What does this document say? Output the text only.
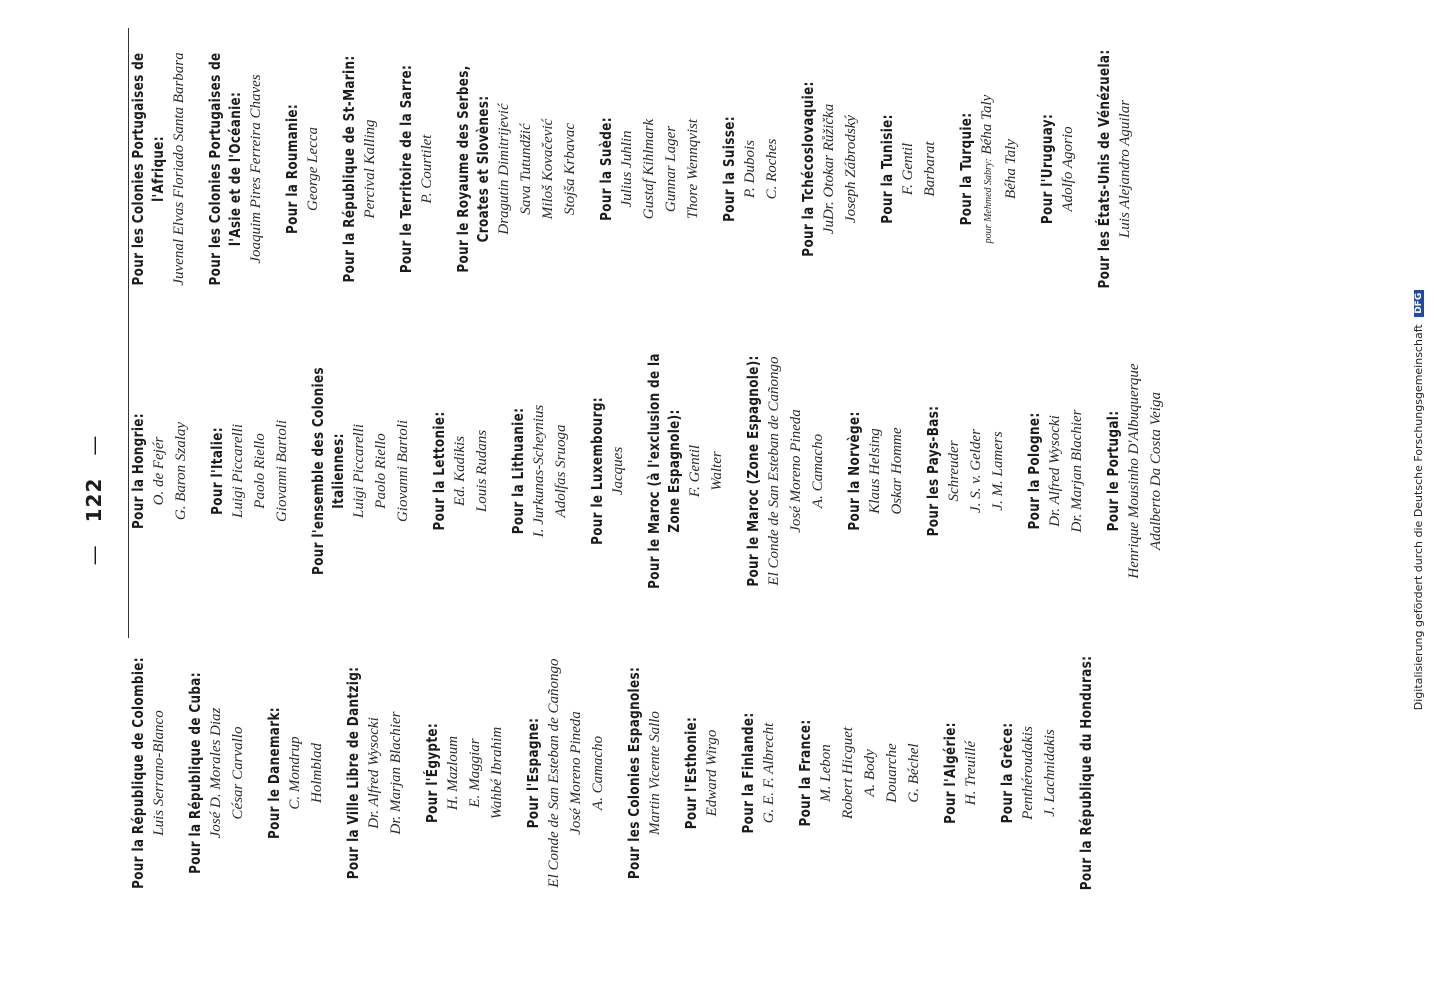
— 122 —
Pour la République de Colombie: Luis Serrano-Blanco Pour la République de Cuba: José D. Morales Diaz César Carvallo Pour le Danemark: C. Mondrup Holmblad Pour la Ville Libre de Dantzig: Dr. Alfred Wysocki Dr. Marjan Blachier Pour l'Égypte: H. Mazloum E. Maggiar Wahbé Ibrahim Pour l'Espagne: El Conde de San Esteban de Cañongo José Moreno Pineda A. Camacho Pour les Colonies Espagnoles: Martin Vicente Sallo Pour l'Esthonie: Edward Wirgo Pour la Finlande: G. E. F. Albrecht Pour la France: M. Lebon Robert Hicguet A. Body Douarche G. Béchel Pour l'Algérie: H. Treuillé Pour la Grèce: Penthéroudakis J. Lachnidakis Pour la République du Honduras:
Pour la Hongrie: O. de Fejér G. Baron Szalay Pour l'Italie: Luigi Piccarelli Paolo Riello Giovanni Bartoli Pour l'ensemble des Colonies Italiennes: Luigi Piccarelli Paolo Riello Giovanni Bartoli Pour la Lettonie: Ed. Kadikis Louis Rudans Pour la Lithuanie: I. Jurkunas-Scheynius Adolfas Sruoga Pour le Luxembourg: Jacques Pour le Maroc (à l'exclusion de la Zone Espagnole): F. Gentil Walter Pour le Maroc (Zone Espagnole): El Conde de San Esteban de Cañongo José Moreno Pineda A. Camacho Pour la Norvège: Klaus Helsing Oskar Homme Pour les Pays-Bas: Schreuder J. S. v. Gelder J. M. Lamers Pour la Pologne: Dr. Alfred Wysocki Dr. Marjan Blachier Pour le Portugal: Henrique Mousinho D'Albuquerque Adalberto Da Costa Veiga
Pour les Colonies Portugaises de l'Afrique: Juvenal Elvas Floriado Santa Barbara Pour les Colonies Portugaises de l'Asie et de l'Océanie: Joaquim Pires Ferreira Chaves Pour la Roumanie: George Lecca Pour la République de St-Marin: Percival Kalling Pour le Territoire de la Sarre: P. Courtilet Pour le Royaume des Serbes, Croates et Slovènes: Dragutin Dimitrijević Sava Tutundžić Miloš Kovačević Stojša Krbavac Pour la Suède: Julius Juhlin Gustaf Kihlmark Gunnar Lager Thore Wennqvist Pour la Suisse: P. Dubois C. Roches Pour la Tchécoslovaquie: JuDr. Otokar Růžička Joseph Zábrodský Pour la Tunisie: F. Gentil Barbarat Pour la Turquie: pour Mehmed Sabry: Béha Taly
Béha Taly Pour l'Uruguay: Adolfo Agorio Pour les États-Unis de Vénézuela: Luis Alejandro Aguilar
Digitalisierung gefördert durch die Deutsche Forschungsgemeinschaft DFG
